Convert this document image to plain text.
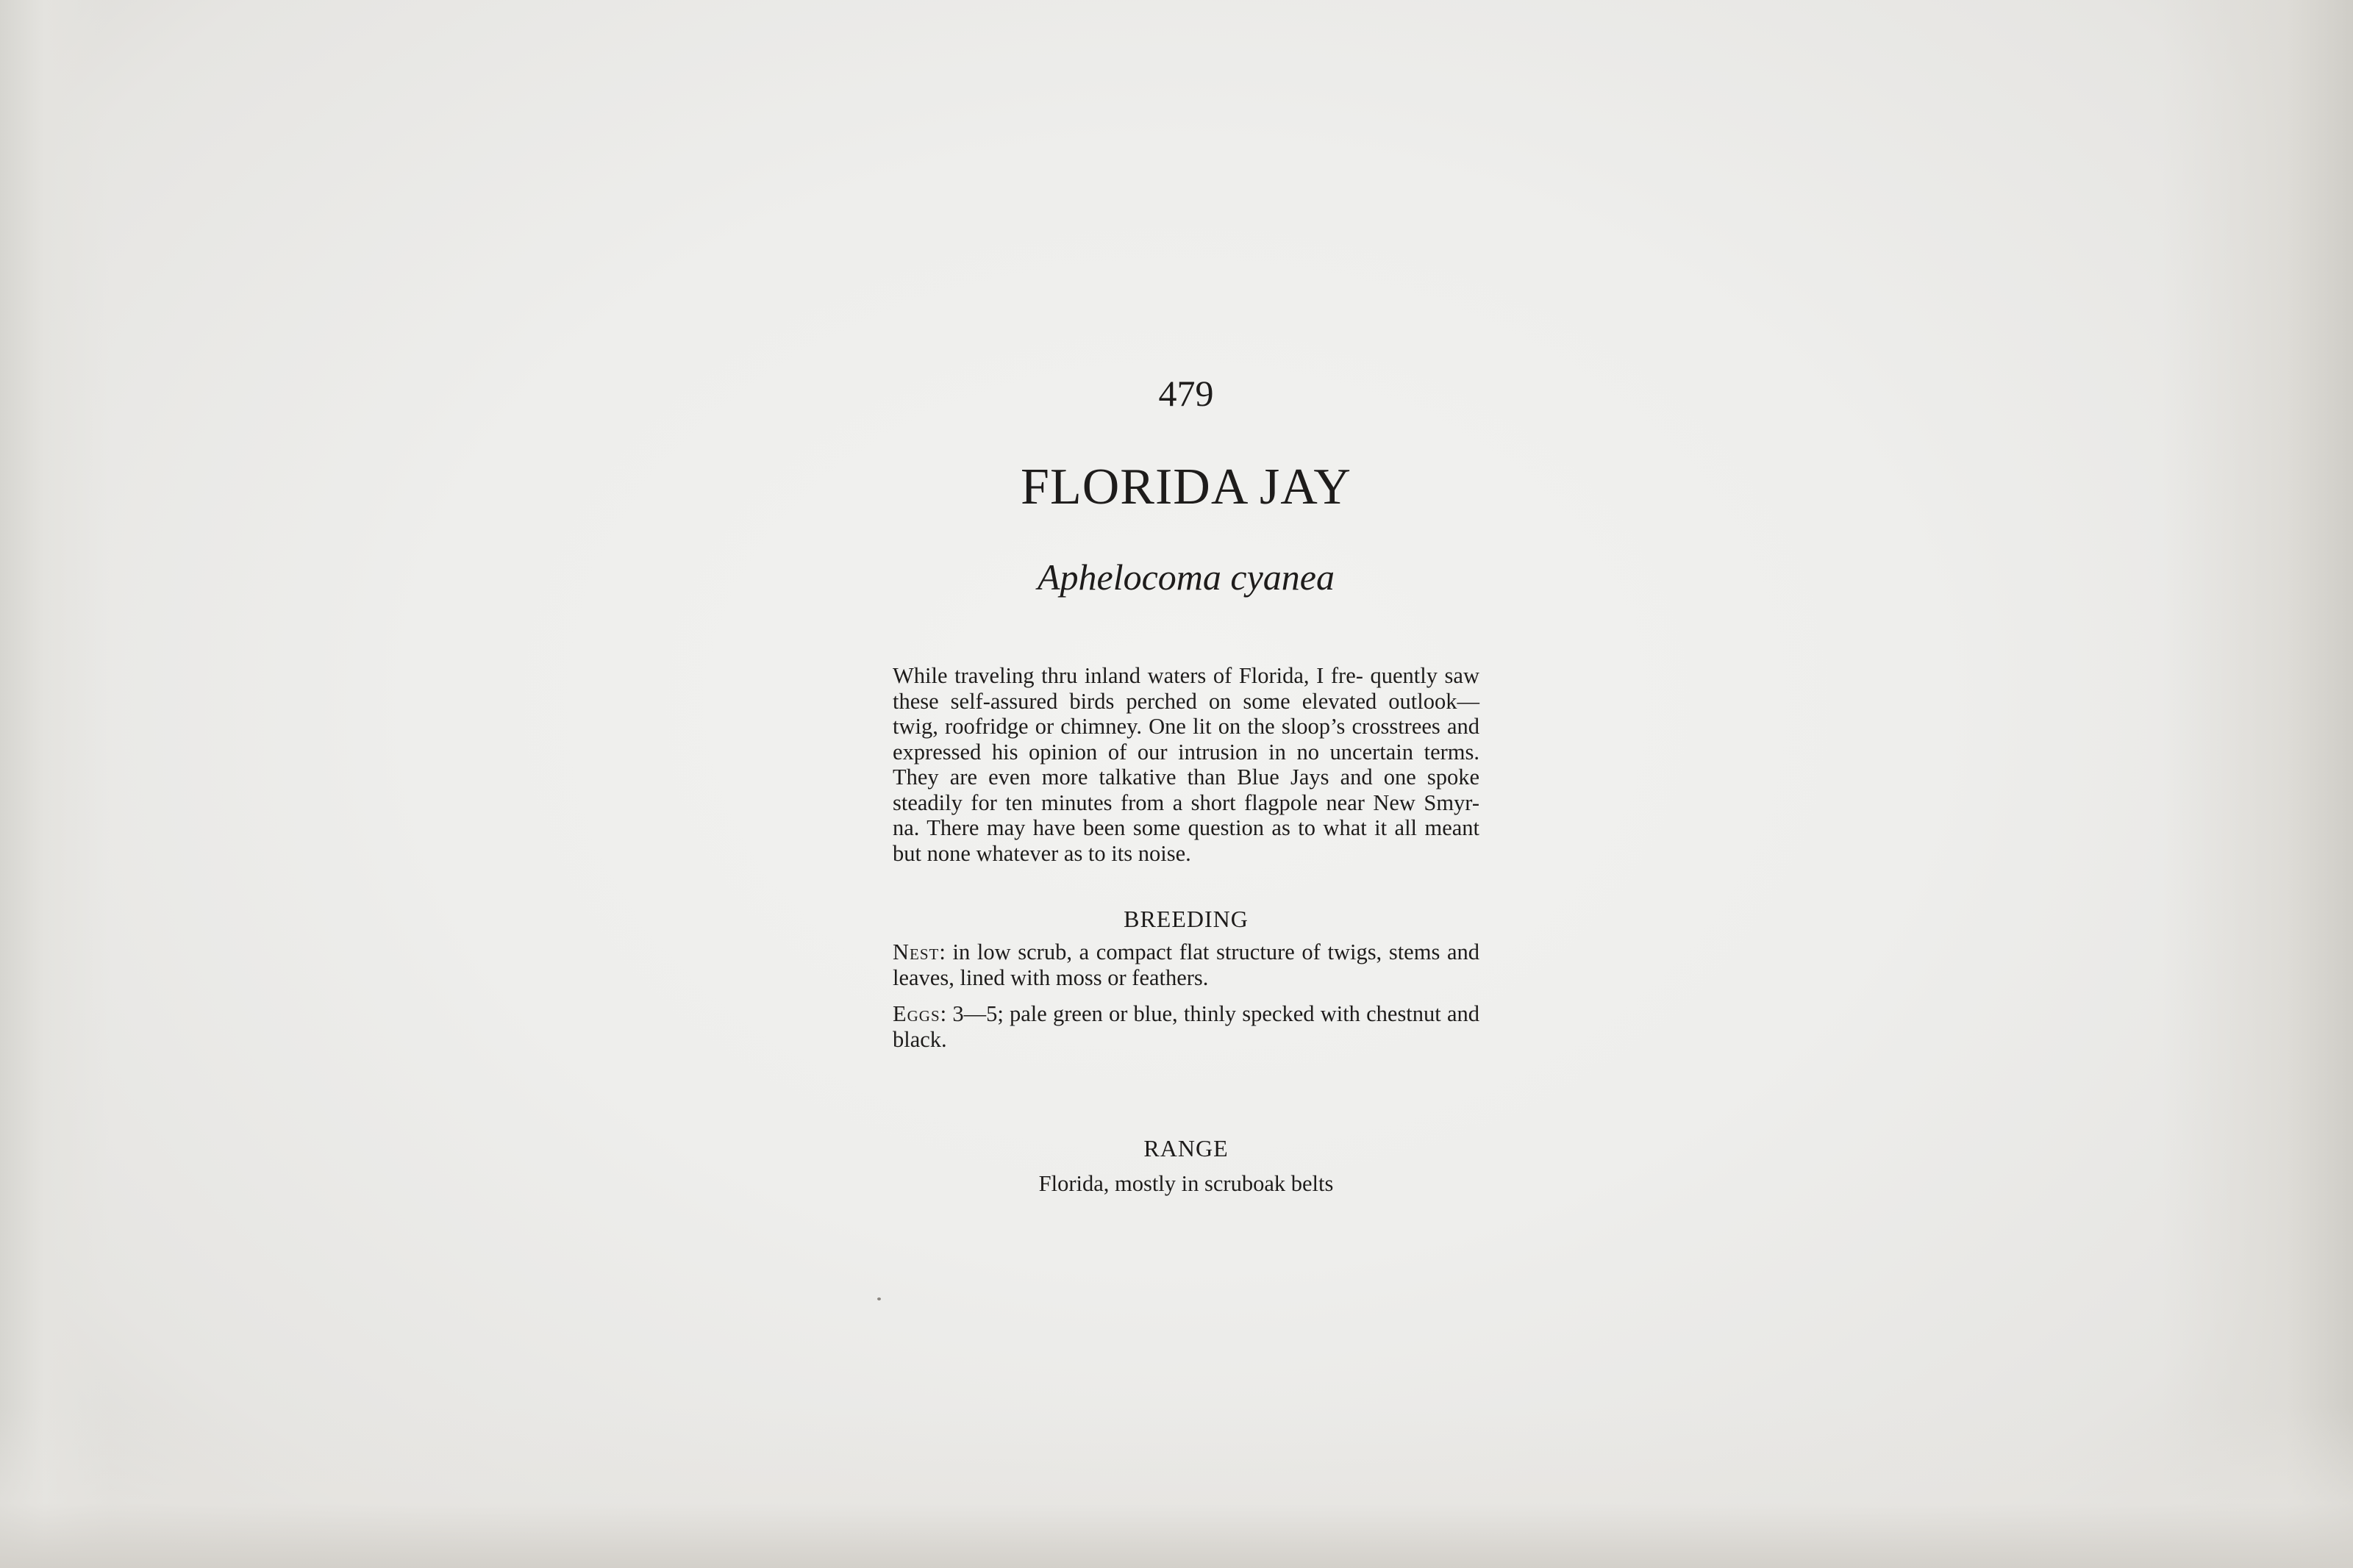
479
FLORIDA JAY
Aphelocoma cyanea

While traveling thru inland waters of Florida, I fre- quently saw these self-assured birds perched on some elevated outlook—twig, roofridge or chimney. One lit on the sloop’s crosstrees and expressed his opinion of our intrusion in no uncertain terms. They are even more talkative than Blue Jays and one spoke steadily for ten minutes from a short flagpole near New Smyr- na. There may have been some question as to what it all meant but none whatever as to its noise.

BREEDING

Nest: in low scrub, a compact flat structure of twigs, stems and leaves, lined with moss or feathers.

Eggs: 3—5; pale green or blue, thinly specked with chestnut and black.

RANGE
Florida, mostly in scruboak belts
